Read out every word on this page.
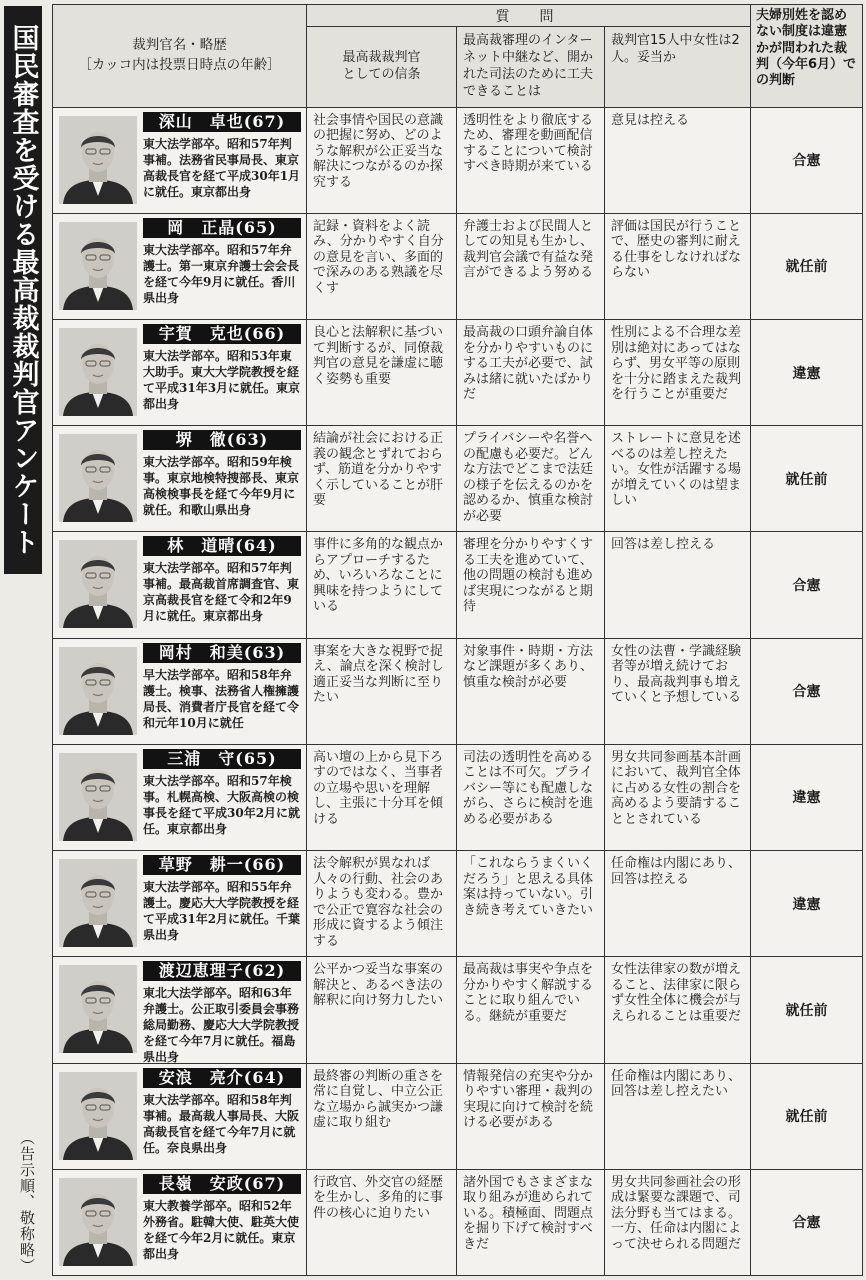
国民審査を受ける最高裁裁判官アンケート
（告示順、敬称略）
裁判官名・略歴
［カッコ内は投票日時点の年齢］	質　問			夫婦別姓を認めない制度は違憲かが問われた裁判（今年6月）での判断
	最高裁裁判官
としての信条	最高裁審理のインターネット中継など、開かれた司法のために工夫できることは	裁判官15人中女性は2人。妥当か	

深山　卓也(67)
東大法学部卒。昭和57年判事補。法務省民事局長、東京高裁長官を経て平成30年1月に就任。東京都出身	社会事情や国民の意識の把握に努め、どのような解釈が公正妥当な解決につながるのか探究する	透明性をより徹底するため、審理を動画配信することについて検討すべき時期が来ている	意見は控える	合憲

岡　正晶(65)
東大法学部卒。昭和57年弁護士。第一東京弁護士会会長を経て今年9月に就任。香川県出身	記録・資料をよく読み、分かりやすく自分の意見を言い、多面的で深みのある熟議を尽くす	弁護士および民間人としての知見も生かし、裁判官会議で有益な発言ができるよう努める	評価は国民が行うことで、歴史の審判に耐える仕事をしなければならない	就任前

宇賀　克也(66)
東大法学部卒。昭和53年東大助手。東大大学院教授を経て平成31年3月に就任。東京都出身	良心と法解釈に基づいて判断するが、同僚裁判官の意見を謙虚に聴く姿勢も重要	最高裁の口頭弁論自体を分かりやすいものにする工夫が必要で、試みは緒に就いたばかりだ	性別による不合理な差別は絶対にあってはならず、男女平等の原則を十分に踏まえた裁判を行うことが重要だ	違憲

堺　徹(63)
東大法学部卒。昭和59年検事。東京地検特捜部長、東京高検検事長を経て今年9月に就任。和歌山県出身	結論が社会における正義の観念とずれておらず、筋道を分かりやすく示していることが肝要	プライバシーや名誉への配慮も必要だ。どんな方法でどこまで法廷の様子を伝えるのかを認めるか、慎重な検討が必要	ストレートに意見を述べるのは差し控えたい。女性が活躍する場が増えていくのは望ましい	就任前

林　道晴(64)
東大法学部卒。昭和57年判事補。最高裁首席調査官、東京高裁長官を経て令和2年9月に就任。東京都出身	事件に多角的な観点からアプローチするため、いろいろなことに興味を持つようにしている	審理を分かりやすくする工夫を進めていて、他の問題の検討も進めば実現につながると期待	回答は差し控える	合憲

岡村　和美(63)
早大法学部卒。昭和58年弁護士。検事、法務省人権擁護局長、消費者庁長官を経て令和元年10月に就任	事案を大きな視野で捉え、論点を深く検討し適正妥当な判断に至りたい	対象事件・時期・方法など課題が多くあり、慎重な検討が必要	女性の法曹・学識経験者等が増え続けており、最高裁判事も増えていくと予想している	合憲

三浦　守(65)
東大法学部卒。昭和57年検事。札幌高検、大阪高検の検事長を経て平成30年2月に就任。東京都出身	高い壇の上から見下ろすのではなく、当事者の立場や思いを理解し、主張に十分耳を傾ける	司法の透明性を高めることは不可欠。プライバシー等にも配慮しながら、さらに検討を進める必要がある	男女共同参画基本計画において、裁判官全体に占める女性の割合を高めるよう要請することとされている	違憲

草野　耕一(66)
東大法学部卒。昭和55年弁護士。慶応大大学院教授を経て平成31年2月に就任。千葉県出身	法令解釈が異なれば人々の行動、社会のありようも変わる。豊かで公正で寛容な社会の形成に資するよう傾注する	「これならうまくいくだろう」と思える具体案は持っていない。引き続き考えていきたい	任命権は内閣にあり、回答は控える	違憲

渡辺恵理子(62)
東北大法学部卒。昭和63年弁護士。公正取引委員会事務総局勤務、慶応大大学院教授を経て今年7月に就任。福島県出身	公平かつ妥当な事案の解決と、あるべき法の解釈に向け努力したい	最高裁は事実や争点を分かりやすく解説することに取り組んでいる。継続が重要だ	女性法律家の数が増えること、法律家に限らず女性全体に機会が与えられることは重要だ	就任前

安浪　亮介(64)
東大法学部卒。昭和58年判事補。最高裁人事局長、大阪高裁長官を経て今年7月に就任。奈良県出身	最終審の判断の重さを常に自覚し、中立公正な立場から誠実かつ謙虚に取り組む	情報発信の充実や分かりやすい審理・裁判の実現に向けて検討を続ける必要がある	任命権は内閣にあり、回答は差し控えたい	就任前

長嶺　安政(67)
東大教養学部卒。昭和52年外務省。駐韓大使、駐英大使を経て今年2月に就任。東京都出身	行政官、外交官の経歴を生かし、多角的に事件の核心に迫りたい	諸外国でもさまざまな取り組みが進められている。積極面、問題点を掘り下げて検討すべきだ	男女共同参画社会の形成は緊要な課題で、司法分野も当てはまる。一方、任命は内閣によって決せられる問題だ	合憲
